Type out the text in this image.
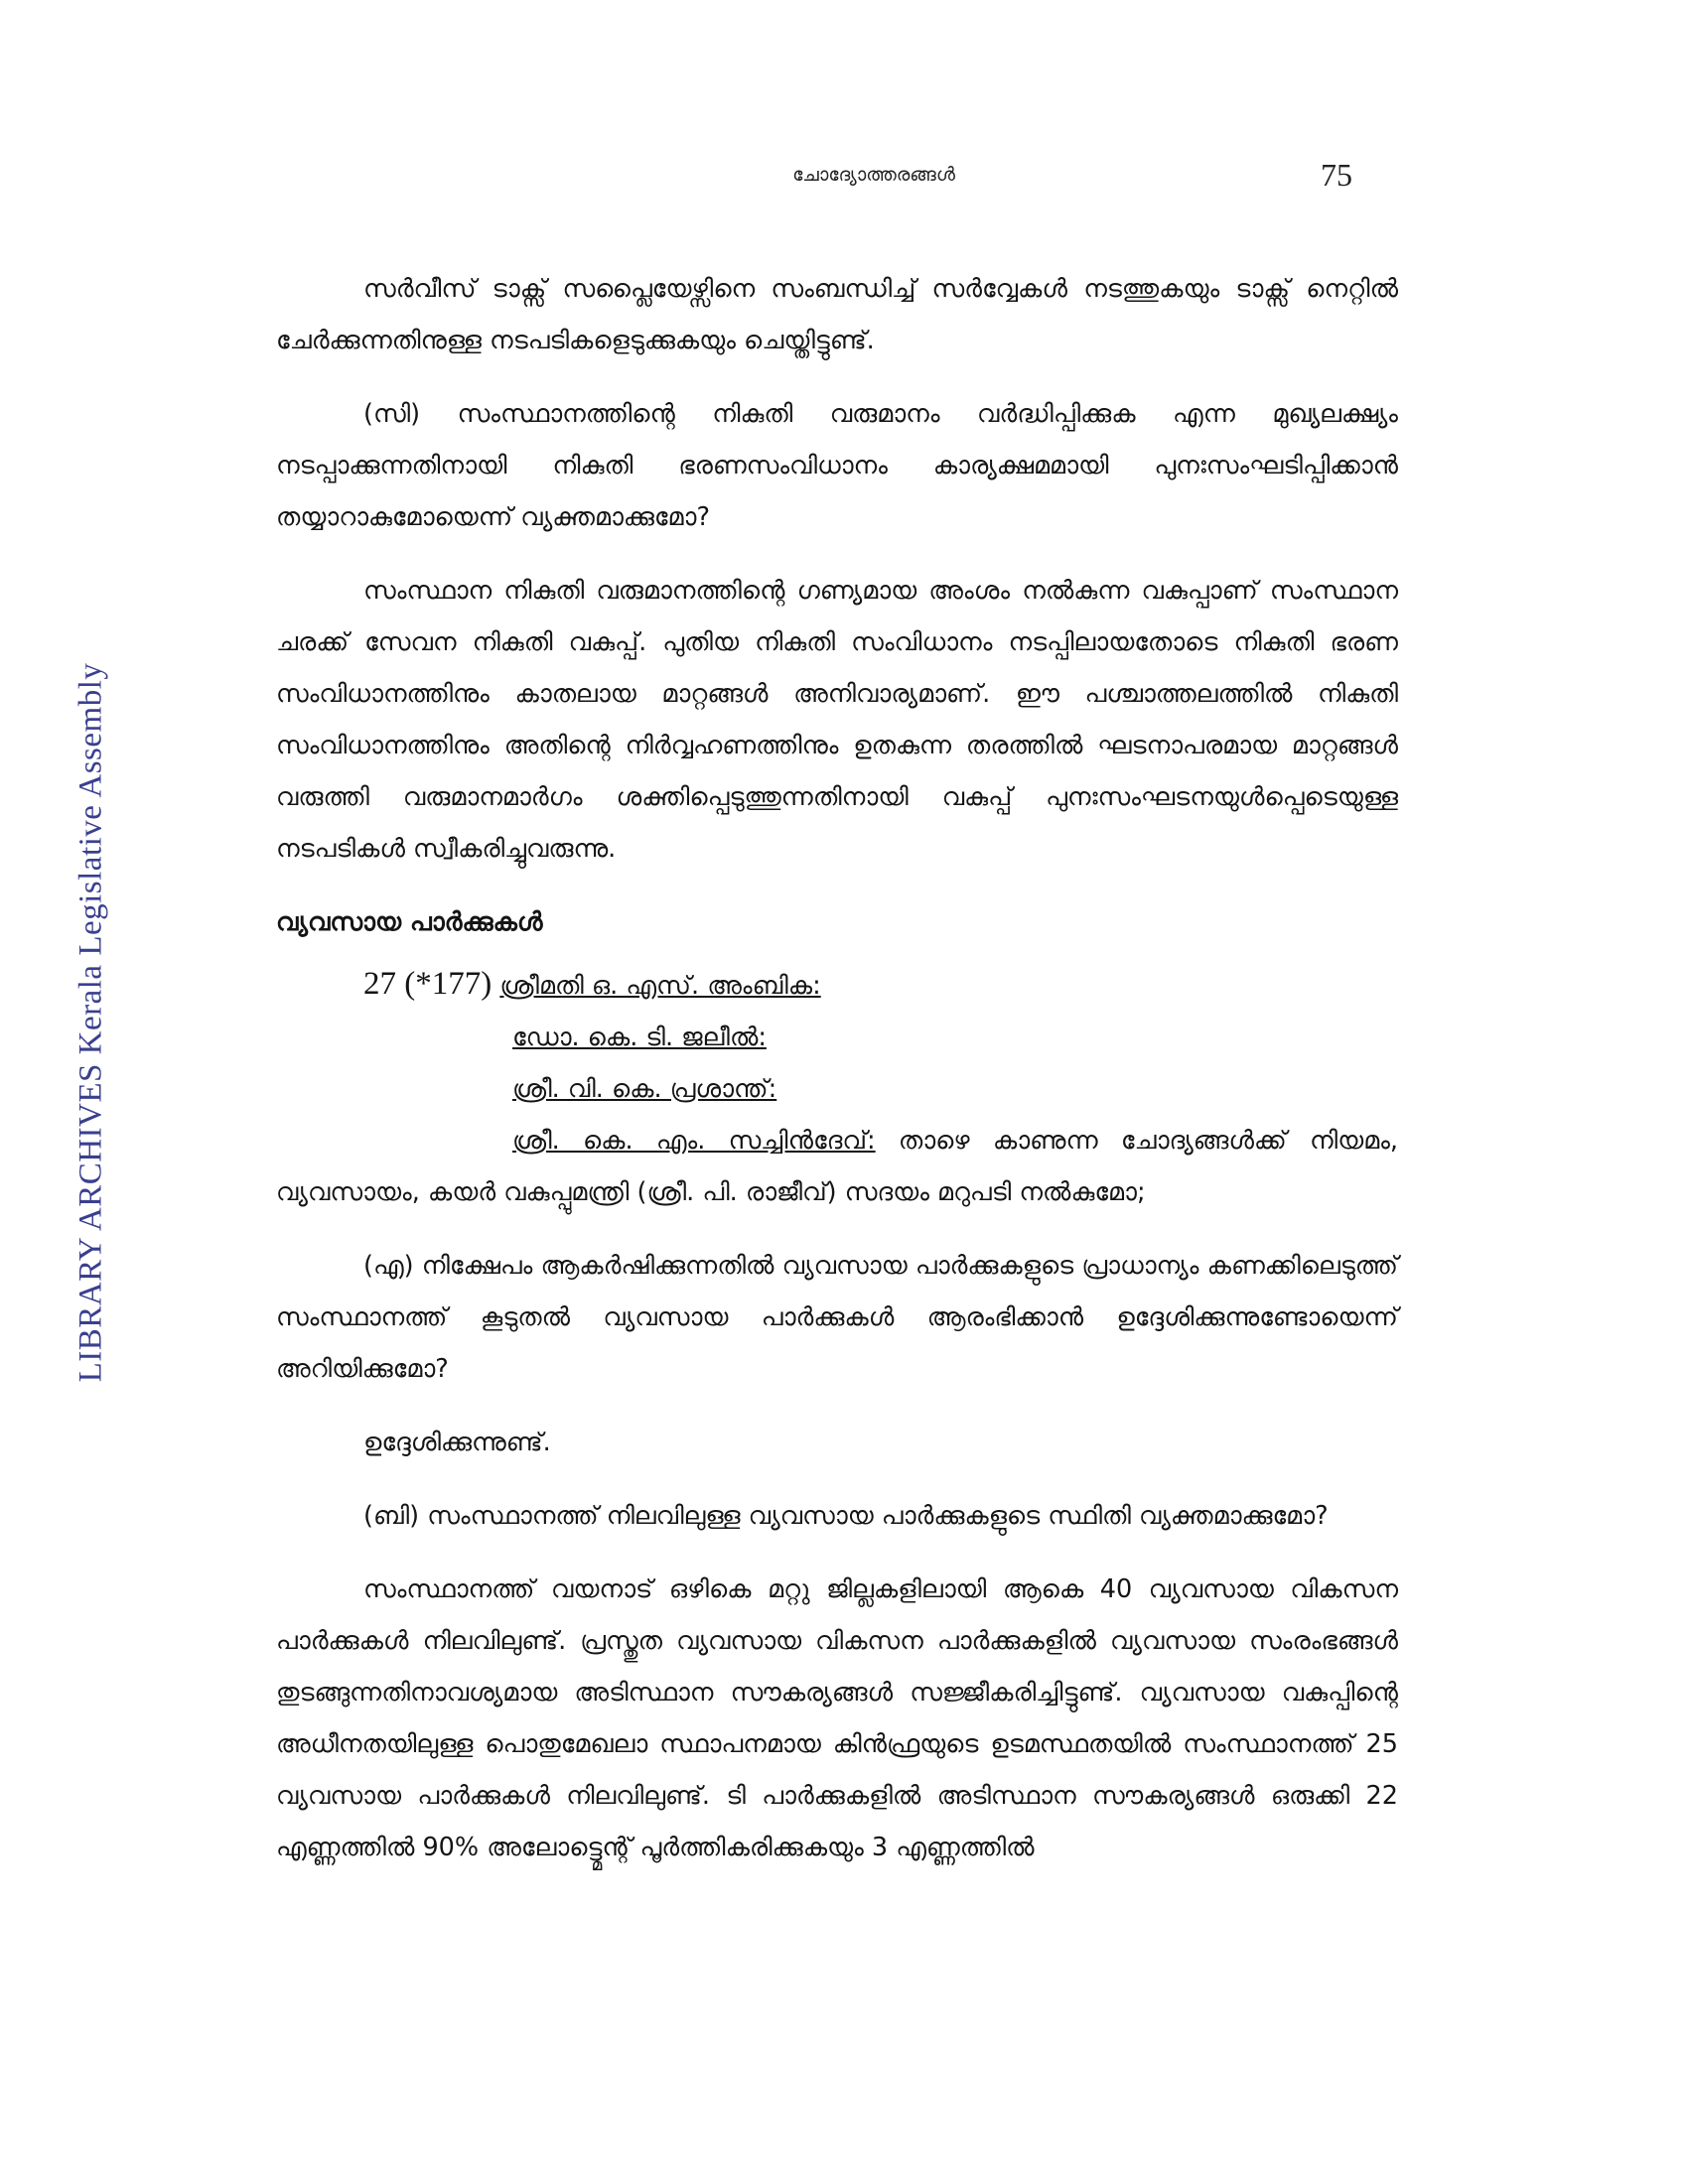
LIBRARY ARCHIVES Kerala Legislative Assembly
ചോദ്യോത്തരങ്ങൾ	75

സർവീസ് ടാക്സ് സപ്ലൈയേഴ്സിനെ സംബന്ധിച്ച് സർവ്വേകൾ നടത്തുകയും ടാക്സ് നെറ്റിൽ ചേർക്കുന്നതിനുള്ള നടപടികളെടുക്കുകയും ചെയ്തിട്ടുണ്ട്.

(സി) സംസ്ഥാനത്തിന്റെ നികുതി വരുമാനം വർദ്ധിപ്പിക്കുക എന്ന മുഖ്യലക്ഷ്യം നടപ്പാക്കുന്നതിനായി നികുതി ഭരണസംവിധാനം കാര്യക്ഷമമായി പുനഃസംഘടിപ്പിക്കാൻ തയ്യാറാകുമോയെന്ന് വ്യക്തമാക്കുമോ?

സംസ്ഥാന നികുതി വരുമാനത്തിന്റെ ഗണ്യമായ അംശം നൽകുന്ന വകുപ്പാണ് സംസ്ഥാന ചരക്ക് സേവന നികുതി വകുപ്പ്. പുതിയ നികുതി സംവിധാനം നടപ്പിലായതോടെ നികുതി ഭരണ സംവിധാനത്തിനും കാതലായ മാറ്റങ്ങൾ അനിവാര്യമാണ്. ഈ പശ്ചാത്തലത്തിൽ നികുതി സംവിധാനത്തിനും അതിന്റെ നിർവ്വഹണത്തിനും ഉതകുന്ന തരത്തിൽ ഘടനാപരമായ മാറ്റങ്ങൾ വരുത്തി വരുമാനമാർഗം ശക്തിപ്പെടുത്തുന്നതിനായി വകുപ്പ് പുനഃസംഘടനയുൾപ്പെടെയുള്ള നടപടികൾ സ്വീകരിച്ചുവരുന്നു.

വ്യവസായ പാർക്കുകൾ

27 (*177) ശ്രീമതി ഒ. എസ്. അംബിക:
ഡോ. കെ. ടി. ജലീൽ:
ശ്രീ. വി. കെ. പ്രശാന്ത്:

ശ്രീ. കെ. എം. സച്ചിൻദേവ്: താഴെ കാണുന്ന ചോദ്യങ്ങൾക്ക് നിയമം, വ്യവസായം, കയർ വകുപ്പുമന്ത്രി (ശ്രീ. പി. രാജീവ്) സദയം മറുപടി നൽകുമോ;

(എ) നിക്ഷേപം ആകർഷിക്കുന്നതിൽ വ്യവസായ പാർക്കുകളുടെ പ്രാധാന്യം കണക്കിലെടുത്ത് സംസ്ഥാനത്ത് കൂടുതൽ വ്യവസായ പാർക്കുകൾ ആരംഭിക്കാൻ ഉദ്ദേശിക്കുന്നുണ്ടോയെന്ന് അറിയിക്കുമോ?

ഉദ്ദേശിക്കുന്നുണ്ട്.

(ബി) സംസ്ഥാനത്ത് നിലവിലുള്ള വ്യവസായ പാർക്കുകളുടെ സ്ഥിതി വ്യക്തമാക്കുമോ?

സംസ്ഥാനത്ത് വയനാട് ഒഴികെ മറ്റു ജില്ലകളിലായി ആകെ 40 വ്യവസായ വികസന പാർക്കുകൾ നിലവിലുണ്ട്. പ്രസ്തുത വ്യവസായ വികസന പാർക്കുകളിൽ വ്യവസായ സംരംഭങ്ങൾ തുടങ്ങുന്നതിനാവശ്യമായ അടിസ്ഥാന സൗകര്യങ്ങൾ സജ്ജീകരിച്ചിട്ടുണ്ട്. വ്യവസായ വകുപ്പിന്റെ അധീനതയിലുള്ള പൊതുമേഖലാ സ്ഥാപനമായ കിൻഫ്രയുടെ ഉടമസ്ഥതയിൽ സംസ്ഥാനത്ത് 25 വ്യവസായ പാർക്കുകൾ നിലവിലുണ്ട്. ടി പാർക്കുകളിൽ അടിസ്ഥാന സൗകര്യങ്ങൾ ഒരുക്കി 22 എണ്ണത്തിൽ 90% അലോട്ട്മെന്റ് പൂർത്തികരിക്കുകയും 3 എണ്ണത്തിൽ
